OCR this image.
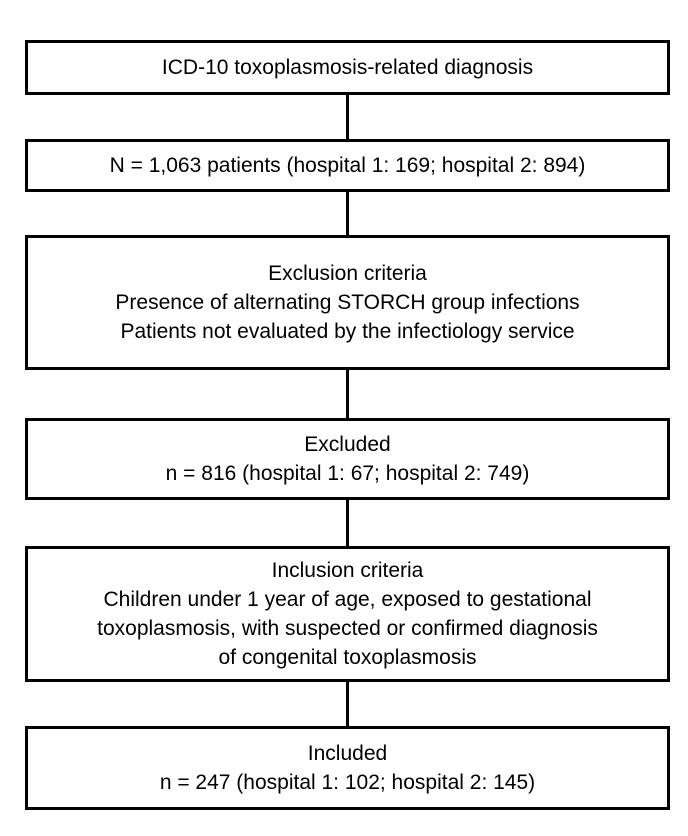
ICD-10 toxoplasmosis-related diagnosis
N = 1,063 patients (hospital 1: 169; hospital 2: 894)
Exclusion criteria
Presence of alternating STORCH group infections
Patients not evaluated by the infectiology service
Excluded
n = 816 (hospital 1: 67; hospital 2: 749)
Inclusion criteria
Children under 1 year of age, exposed to gestational
toxoplasmosis, with suspected or confirmed diagnosis
of congenital toxoplasmosis
Included
n = 247 (hospital 1: 102; hospital 2: 145)
